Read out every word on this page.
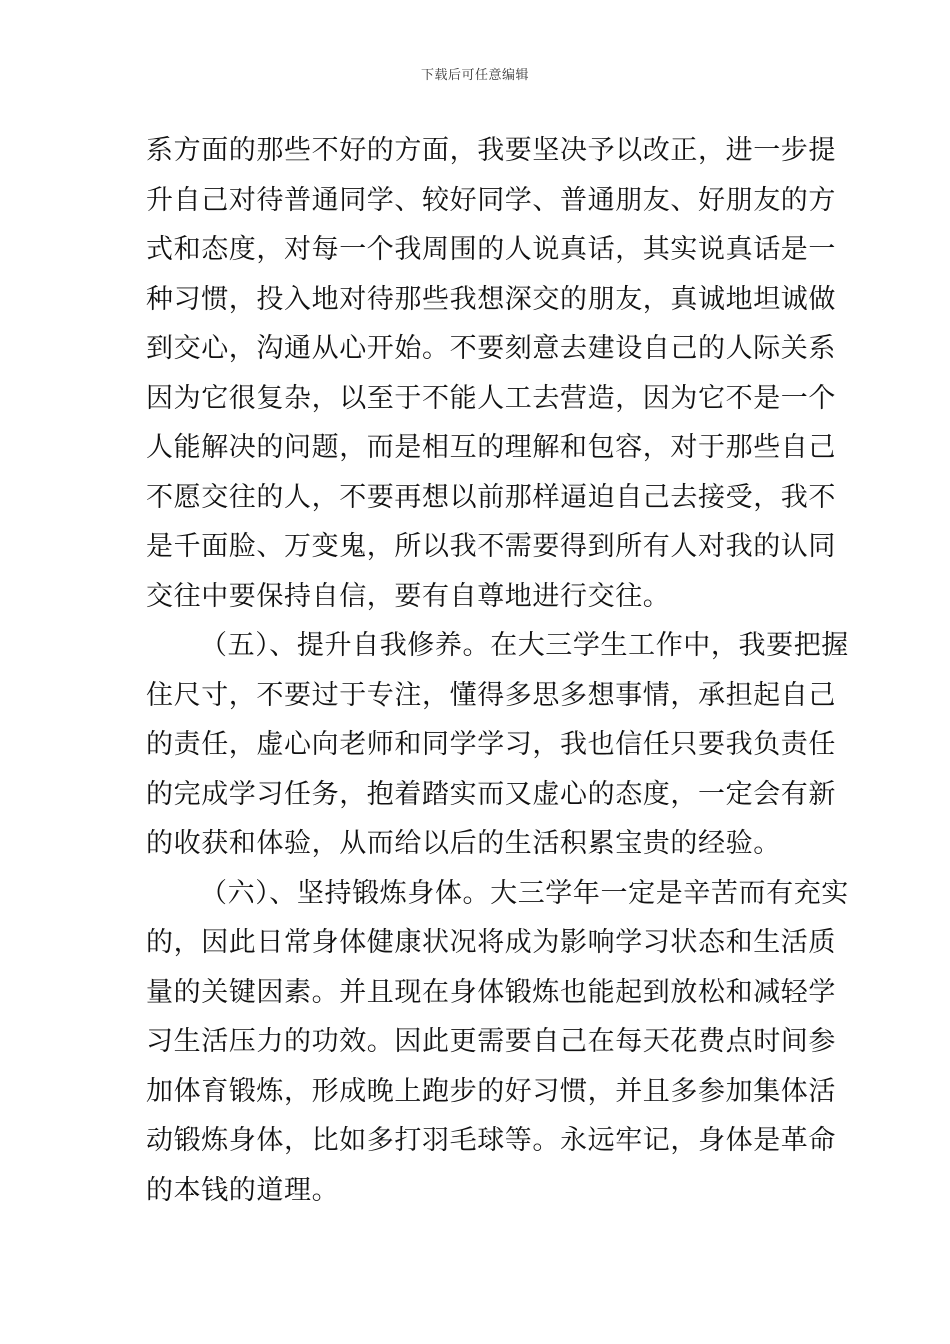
下载后可任意编辑
系方面的那些不好的方面，我要坚决予以改正，进一步提
升自己对待普通同学、较好同学、普通朋友、好朋友的方
式和态度，对每一个我周围的人说真话，其实说真话是一
种习惯，投入地对待那些我想深交的朋友，真诚地坦诚做
到交心，沟通从心开始。不要刻意去建设自己的人际关系
因为它很复杂，以至于不能人工去营造，因为它不是一个
人能解决的问题，而是相互的理解和包容，对于那些自己
不愿交往的人，不要再想以前那样逼迫自己去接受，我不
是千面脸、万变鬼，所以我不需要得到所有人对我的认同
交往中要保持自信，要有自尊地进行交往。
（五）、提升自我修养。在大三学生工作中，我要把握
住尺寸，不要过于专注，懂得多思多想事情，承担起自己
的责任，虚心向老师和同学学习，我也信任只要我负责任
的完成学习任务，抱着踏实而又虚心的态度，一定会有新
的收获和体验，从而给以后的生活积累宝贵的经验。
（六）、坚持锻炼身体。大三学年一定是辛苦而有充实
的，因此日常身体健康状况将成为影响学习状态和生活质
量的关键因素。并且现在身体锻炼也能起到放松和减轻学
习生活压力的功效。因此更需要自己在每天花费点时间参
加体育锻炼，形成晚上跑步的好习惯，并且多参加集体活
动锻炼身体，比如多打羽毛球等。永远牢记，身体是革命
的本钱的道理。
